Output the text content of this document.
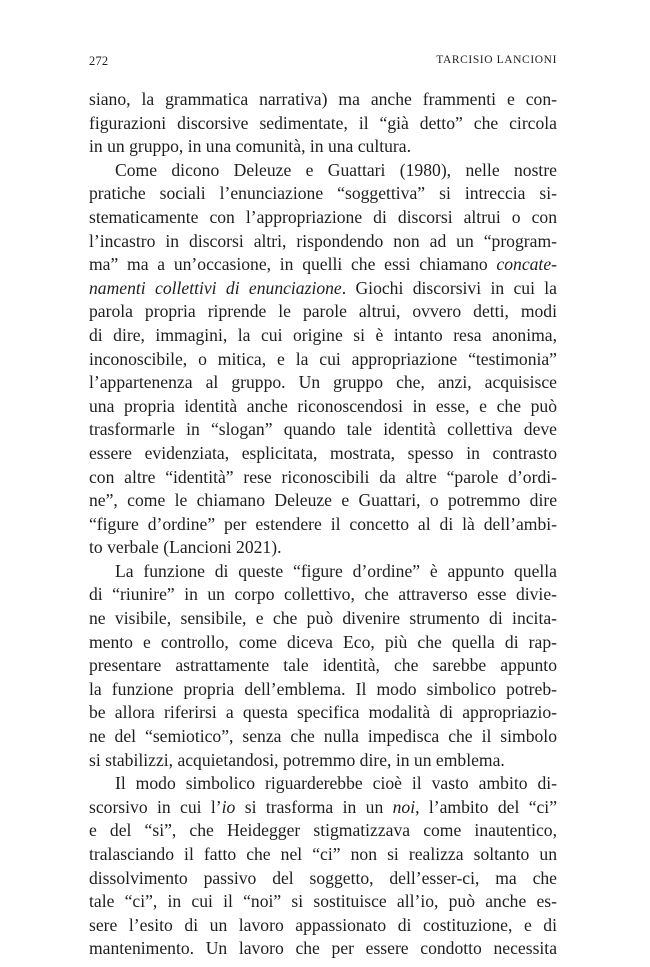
272	TARCISIO LANCIONI
siano, la grammatica narrativa) ma anche frammenti e con-
figurazioni discorsive sedimentate, il “già detto” che circola
in un gruppo, in una comunità, in una cultura.
Come dicono Deleuze e Guattari (1980), nelle nostre
pratiche sociali l’enunciazione “soggettiva” si intreccia si-
stematicamente con l’appropriazione di discorsi altrui o con
l’incastro in discorsi altri, rispondendo non ad un “program-
ma” ma a un’occasione, in quelli che essi chiamano concate-
namenti collettivi di enunciazione. Giochi discorsivi in cui la
parola propria riprende le parole altrui, ovvero detti, modi
di dire, immagini, la cui origine si è intanto resa anonima,
inconoscibile, o mitica, e la cui appropriazione “testimonia”
l’appartenenza al gruppo. Un gruppo che, anzi, acquisisce
una propria identità anche riconoscendosi in esse, e che può
trasformarle in “slogan” quando tale identità collettiva deve
essere evidenziata, esplicitata, mostrata, spesso in contrasto
con altre “identità” rese riconoscibili da altre “parole d’ordi-
ne”, come le chiamano Deleuze e Guattari, o potremmo dire
“figure d’ordine” per estendere il concetto al di là dell’ambi-
to verbale (Lancioni 2021).
La funzione di queste “figure d’ordine” è appunto quella
di “riunire” in un corpo collettivo, che attraverso esse divie-
ne visibile, sensibile, e che può divenire strumento di incita-
mento e controllo, come diceva Eco, più che quella di rap-
presentare astrattamente tale identità, che sarebbe appunto
la funzione propria dell’emblema. Il modo simbolico potreb-
be allora riferirsi a questa specifica modalità di appropriazio-
ne del “semiotico”, senza che nulla impedisca che il simbolo
si stabilizzi, acquietandosi, potremmo dire, in un emblema.
Il modo simbolico riguarderebbe cioè il vasto ambito di-
scorsivo in cui l’io si trasforma in un noi, l’ambito del “ci”
e del “si”, che Heidegger stigmatizzava come inautentico,
tralasciando il fatto che nel “ci” non si realizza soltanto un
dissolvimento passivo del soggetto, dell’esser-ci, ma che
tale “ci”, in cui il “noi” si sostituisce all’io, può anche es-
sere l’esito di un lavoro appassionato di costituzione, e di
mantenimento. Un lavoro che per essere condotto necessita
